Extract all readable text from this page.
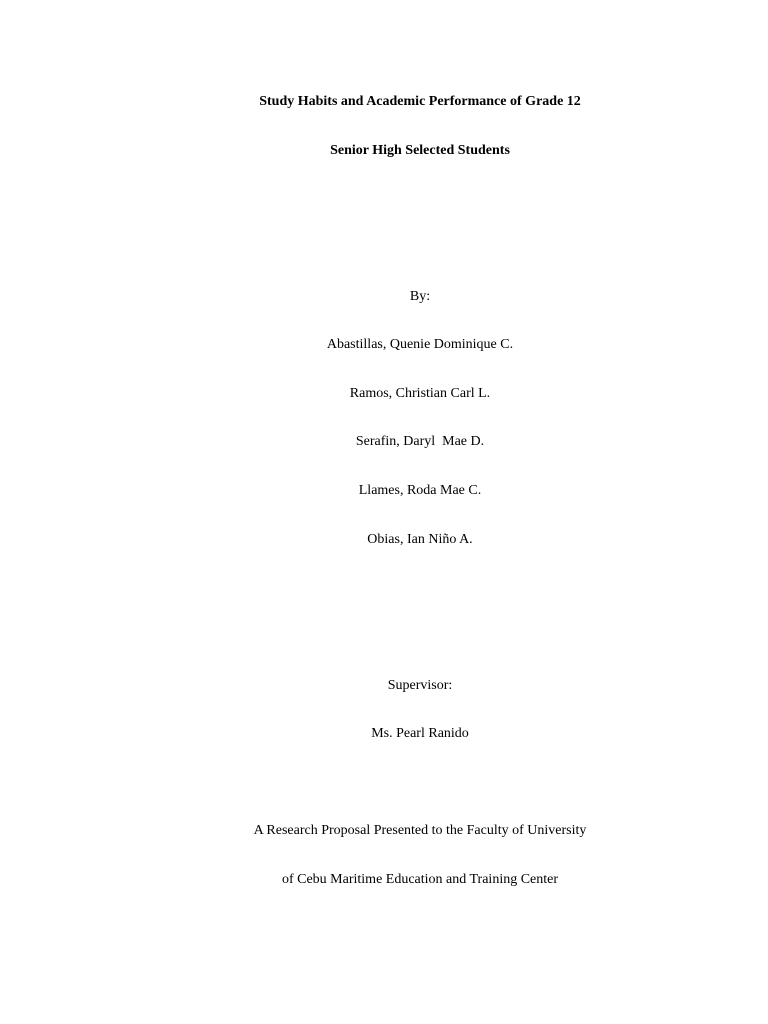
Study Habits and Academic Performance of Grade 12
Senior High Selected Students
By:
Abastillas, Quenie Dominique C.
Ramos, Christian Carl L.
Serafin, Daryl  Mae D.
Llames, Roda Mae C.
Obias, Ian Niño A.
Supervisor:
Ms. Pearl Ranido
A Research Proposal Presented to the Faculty of University
of Cebu Maritime Education and Training Center
